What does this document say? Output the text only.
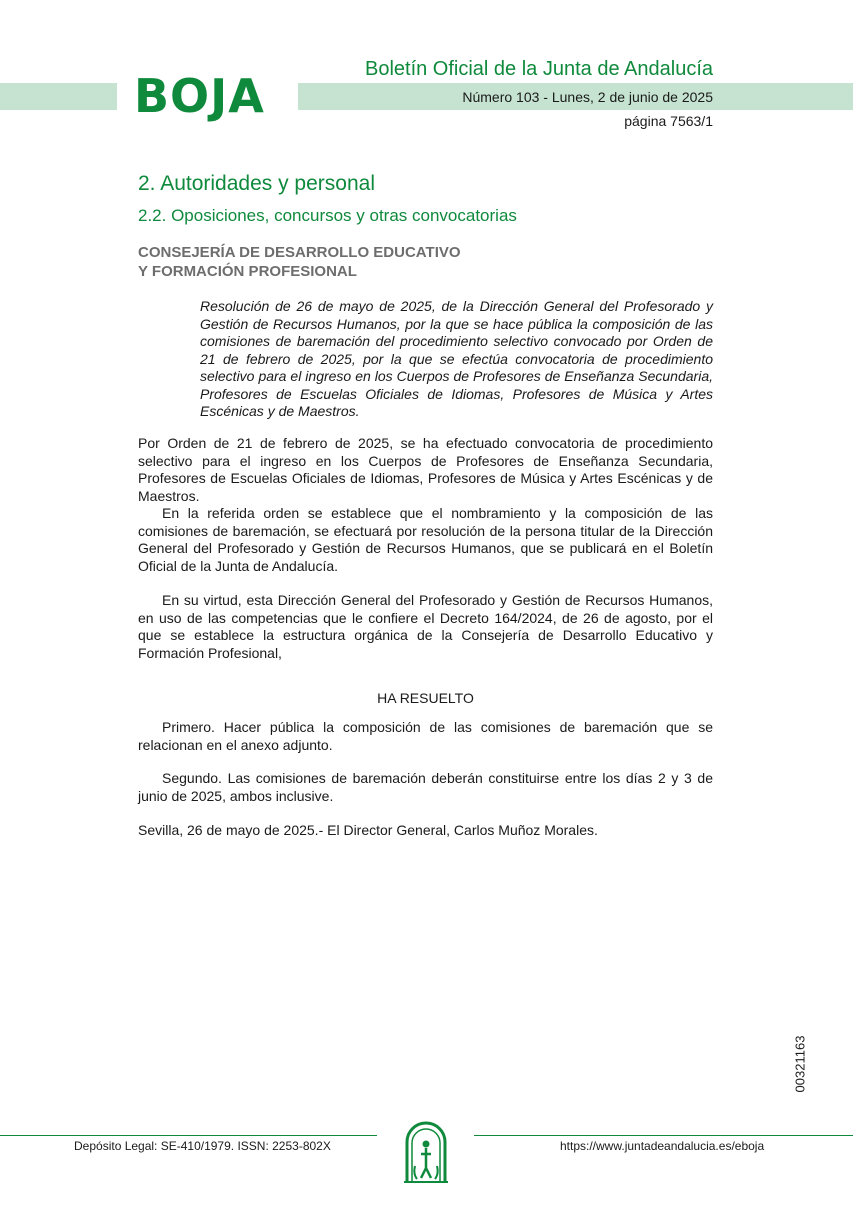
BOJA	Boletín Oficial de la Junta de Andalucía
Número 103 - Lunes, 2 de junio de 2025
página 7563/1
2. Autoridades y personal
2.2. Oposiciones, concursos y otras convocatorias
CONSEJERÍA DE DESARROLLO EDUCATIVO
Y FORMACIÓN PROFESIONAL

Resolución de 26 de mayo de 2025, de la Dirección General del Profesorado y Gestión de Recursos Humanos, por la que se hace pública la composición de las comisiones de baremación del procedimiento selectivo convocado por Orden de 21 de febrero de 2025, por la que se efectúa convocatoria de procedimiento selectivo para el ingreso en los Cuerpos de Profesores de Enseñanza Secundaria, Profesores de Escuelas Oficiales de Idiomas, Profesores de Música y Artes Escénicas y de Maestros.

Por Orden de 21 de febrero de 2025, se ha efectuado convocatoria de procedimiento selectivo para el ingreso en los Cuerpos de Profesores de Enseñanza Secundaria, Profesores de Escuelas Oficiales de Idiomas, Profesores de Música y Artes Escénicas y de Maestros.

En la referida orden se establece que el nombramiento y la composición de las comisiones de baremación, se efectuará por resolución de la persona titular de la Dirección General del Profesorado y Gestión de Recursos Humanos, que se publicará en el Boletín Oficial de la Junta de Andalucía.

En su virtud, esta Dirección General del Profesorado y Gestión de Recursos Humanos, en uso de las competencias que le confiere el Decreto 164/2024, de 26 de agosto, por el que se establece la estructura orgánica de la Consejería de Desarrollo Educativo y Formación Profesional,

HA RESUELTO

Primero. Hacer pública la composición de las comisiones de baremación que se relacionan en el anexo adjunto.

Segundo. Las comisiones de baremación deberán constituirse entre los días 2 y 3 de junio de 2025, ambos inclusive.

Sevilla, 26 de mayo de 2025.- El Director General, Carlos Muñoz Morales.

00321163
Depósito Legal: SE-410/1979. ISSN: 2253-802X	https://www.juntadeandalucia.es/eboja
